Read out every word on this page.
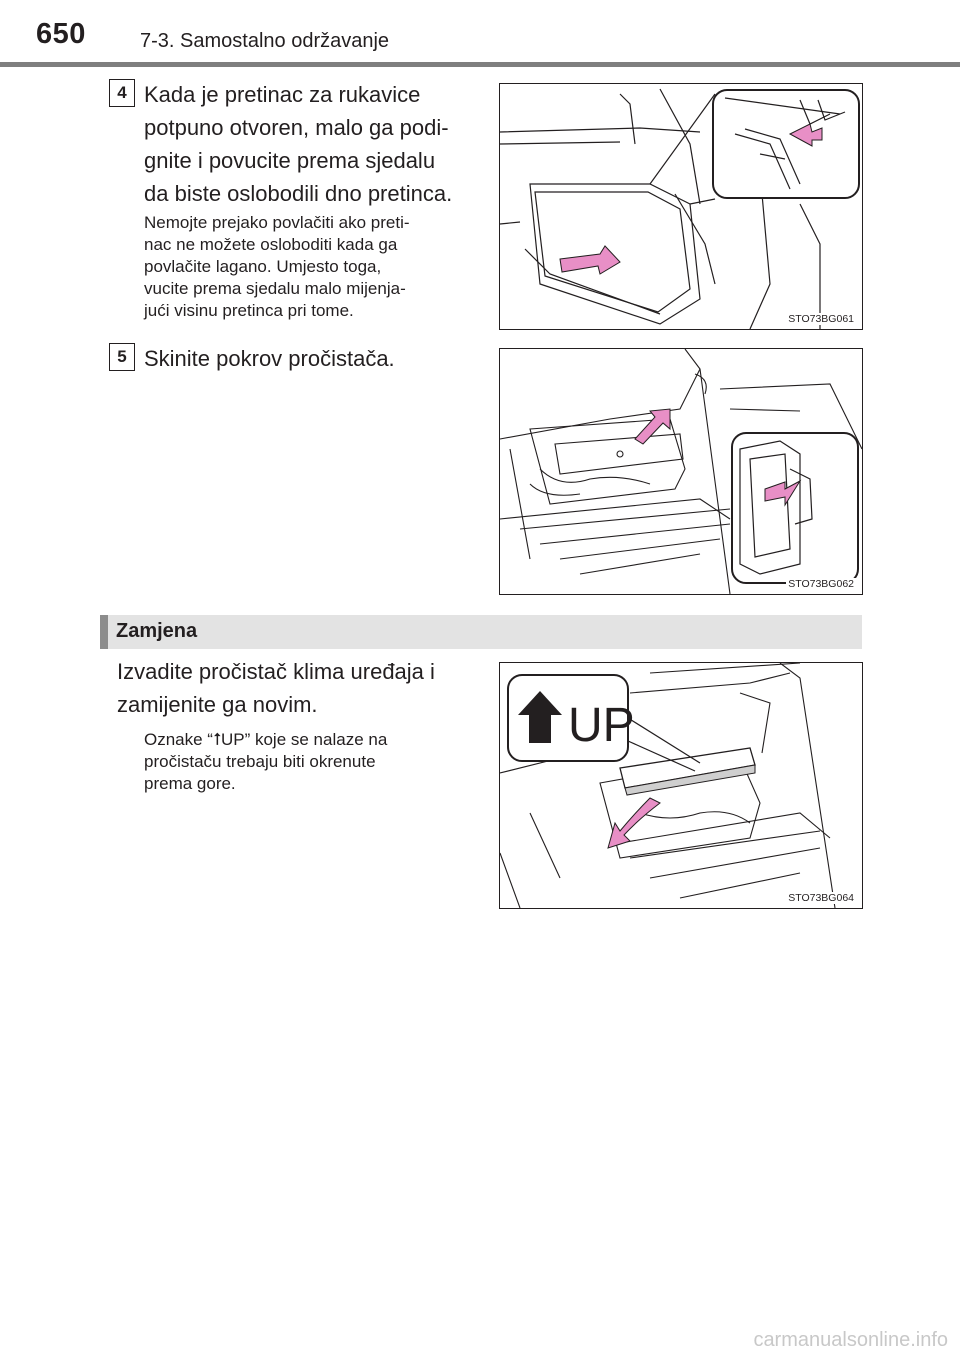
650	7-3. Samostalno održavanje
4 Kada je pretinac za rukavice
potpuno otvoren, malo ga podi-
gnite i povucite prema sjedalu
da biste oslobodili dno pretinca.
Nemojte prejako povlačiti ako preti-
nac ne možete osloboditi kada ga
povlačite lagano. Umjesto toga,
vucite prema sjedalu malo mijenja-
jući visinu pretinca pri tome.	STO73BG061
5 Skinite pokrov pročistača.
STO73BG062
Zamjena
Izvadite pročistač klima uređaja i
zamijenite ga novim.
Oznake “⭡UP” koje se nalaze na
pročistaču trebaju biti okrenute
prema gore.
UP
STO73BG064
carmanualsonline.info
